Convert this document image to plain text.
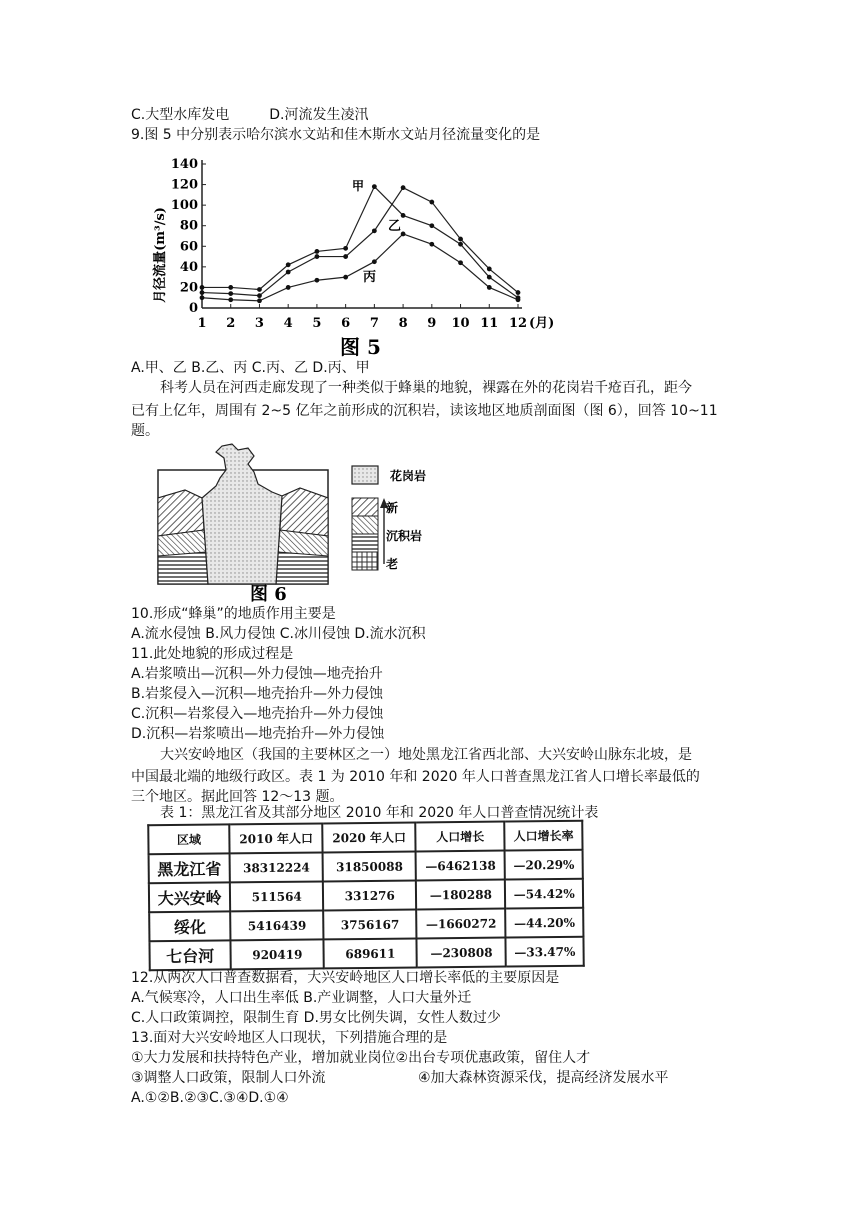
C.大型水库发电	D.河流发生凌汛
9.图 5 中分别表示哈尔滨水文站和佳木斯水文站月径流量变化的是
0
20
40
60
80
100
120
140
1 2 3 4 5 6 7 8 9 10 11 12
月径流量(m³/s)
(月)
图 5
甲
乙
丙
A.甲、乙 B.乙、丙 C.丙、乙 D.丙、甲
科考人员在河西走廊发现了一种类似于蜂巢的地貌，裸露在外的花岗岩千疮百孔，距今
已有上亿年，周围有 2~5 亿年之前形成的沉积岩，读该地区地质剖面图（图 6），回答 10~11
题。
花岗岩
新
沉积岩
老
图 6
10.形成“蜂巢”的地质作用主要是
A.流水侵蚀 B.风力侵蚀 C.冰川侵蚀 D.流水沉积
11.此处地貌的形成过程是
A.岩浆喷出—沉积—外力侵蚀—地壳抬升
B.岩浆侵入—沉积—地壳抬升—外力侵蚀
C.沉积—岩浆侵入—地壳抬升—外力侵蚀
D.沉积—岩浆喷出—地壳抬升—外力侵蚀
大兴安岭地区（我国的主要林区之一）地处黑龙江省西北部、大兴安岭山脉东北坡，是
中国最北端的地级行政区。表 1 为 2010 年和 2020 年人口普查黑龙江省人口增长率最低的
三个地区。据此回答 12～13 题。
表 1：黑龙江省及其部分地区 2010 年和 2020 年人口普查情况统计表
区域	2010 年人口	2020 年人口	人口增长	人口增长率
黑龙江省	38312224	31850088	—6462138	—20.29%
大兴安岭	511564	331276	—180288	—54.42%
绥化	5416439	3756167	—1660272	—44.20%
七台河	920419	689611	—230808	—33.47%
12.从两次人口普查数据看，大兴安岭地区人口增长率低的主要原因是
A.气候寒冷，人口出生率低 B.产业调整，人口大量外迁
C.人口政策调控，限制生育 D.男女比例失调，女性人数过少
13.面对大兴安岭地区人口现状，下列措施合理的是
①大力发展和扶持特色产业，增加就业岗位②出台专项优惠政策，留住人才
③调整人口政策，限制人口外流	④加大森林资源采伐，提高经济发展水平
A.①②B.②③C.③④D.①④
